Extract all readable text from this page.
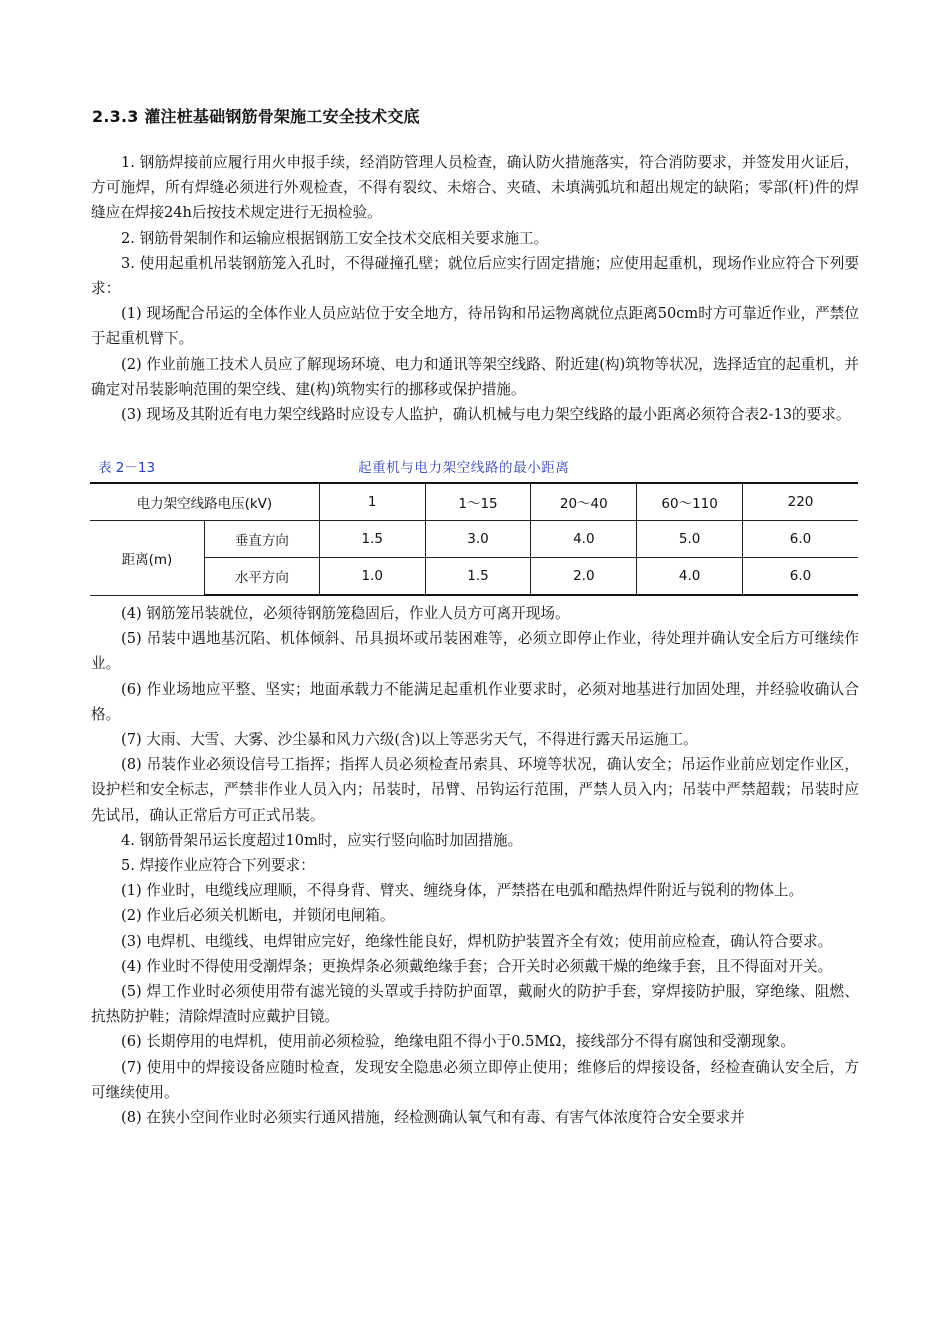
2.3.3 灌注桩基础钢筋骨架施工安全技术交底

1. 钢筋焊接前应履行用火申报手续，经消防管理人员检查，确认防火措施落实，符合消防要求，并签发用火证后，方可施焊，所有焊缝必须进行外观检查，不得有裂纹、未熔合、夹碴、未填满弧坑和超出规定的缺陷；零部(杆)件的焊缝应在焊接24h后按技术规定进行无损检验。

2. 钢筋骨架制作和运输应根据钢筋工安全技术交底相关要求施工。

3. 使用起重机吊装钢筋笼入孔时，不得碰撞孔壁；就位后应实行固定措施；应使用起重机，现场作业应符合下列要求：

(1) 现场配合吊运的全体作业人员应站位于安全地方，待吊钩和吊运物离就位点距离50cm时方可靠近作业，严禁位于起重机臂下。

(2) 作业前施工技术人员应了解现场环境、电力和通讯等架空线路、附近建(构)筑物等状况，选择适宜的起重机，并确定对吊装影响范围的架空线、建(构)筑物实行的挪移或保护措施。

(3) 现场及其附近有电力架空线路时应设专人监护，确认机械与电力架空线路的最小距离必须符合表2-13的要求。

表 2－13	起重机与电力架空线路的最小距离
电力架空线路电压(kV)		1	1～15	20～40	60～110	220
距离(m)	垂直方向	1.5	3.0	4.0	5.0	6.0
	水平方向	1.0	1.5	2.0	4.0	6.0

(4) 钢筋笼吊装就位，必须待钢筋笼稳固后，作业人员方可离开现场。

(5) 吊装中遇地基沉陷、机体倾斜、吊具损坏或吊装困难等，必须立即停止作业，待处理并确认安全后方可继续作业。

(6) 作业场地应平整、坚实；地面承载力不能满足起重机作业要求时，必须对地基进行加固处理，并经验收确认合格。

(7) 大雨、大雪、大雾、沙尘暴和风力六级(含)以上等恶劣天气，不得进行露天吊运施工。

(8) 吊装作业必须设信号工指挥；指挥人员必须检查吊索具、环境等状况，确认安全；吊运作业前应划定作业区，设护栏和安全标志，严禁非作业人员入内；吊装时，吊臂、吊钩运行范围，严禁人员入内；吊装中严禁超载；吊装时应先试吊，确认正常后方可正式吊装。

4. 钢筋骨架吊运长度超过10m时，应实行竖向临时加固措施。

5. 焊接作业应符合下列要求：

(1) 作业时，电缆线应理顺，不得身背、臂夹、缠绕身体，严禁搭在电弧和酷热焊件附近与锐利的物体上。

(2) 作业后必须关机断电，并锁闭电闸箱。

(3) 电焊机、电缆线、电焊钳应完好，绝缘性能良好，焊机防护装置齐全有效；使用前应检查，确认符合要求。

(4) 作业时不得使用受潮焊条；更换焊条必须戴绝缘手套；合开关时必须戴干燥的绝缘手套，且不得面对开关。

(5) 焊工作业时必须使用带有滤光镜的头罩或手持防护面罩，戴耐火的防护手套，穿焊接防护服，穿绝缘、阻燃、抗热防护鞋；清除焊渣时应戴护目镜。

(6) 长期停用的电焊机，使用前必须检验，绝缘电阻不得小于0.5MΩ，接线部分不得有腐蚀和受潮现象。

(7) 使用中的焊接设备应随时检查，发现安全隐患必须立即停止使用；维修后的焊接设备，经检查确认安全后，方可继续使用。

(8) 在狭小空间作业时必须实行通风措施，经检测确认氧气和有毒、有害气体浓度符合安全要求并
